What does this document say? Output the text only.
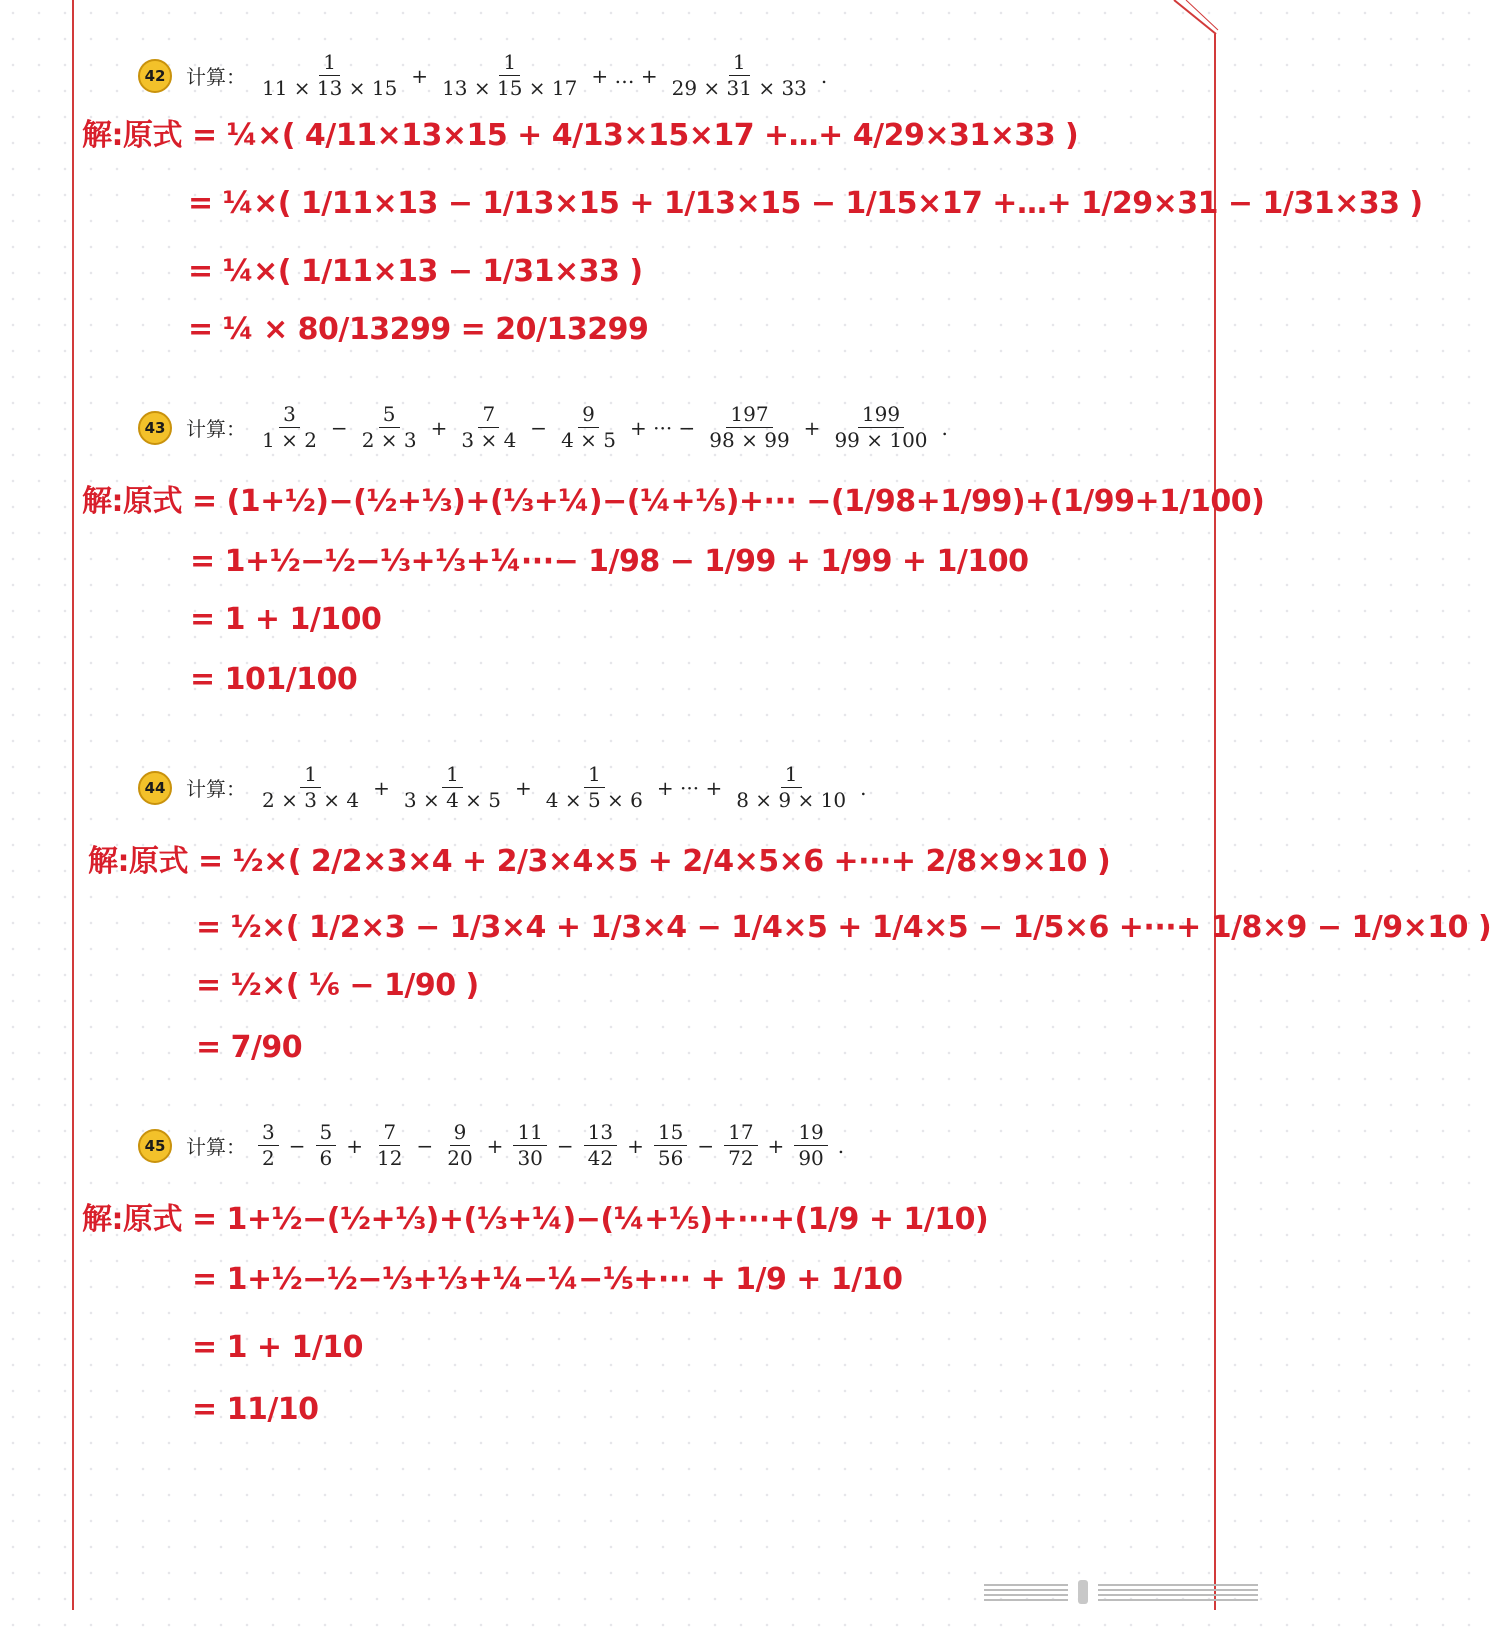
42	计算： $\frac{1}{11 \times 13 \times 15} + \frac{1}{13 \times 15 \times 17}$ + … + $\frac{1}{29 \times 31 \times 33}$ .
解:原式 = ¼×( 4/11×13×15 + 4/13×15×17 +…+ 4/29×31×33 )
= ¼×( 1/11×13 − 1/13×15 + 1/13×15 − 1/15×17 +…+ 1/29×31 − 1/31×33 )
= ¼×( 1/11×13 − 1/31×33 )
= ¼ × 80/13299 = 20/13299
43	计算： $\frac{3}{1 \times 2} - \frac{5}{2 \times 3} + \frac{7}{3 \times 4} - \frac{9}{4 \times 5}$ + ··· − $\frac{197}{98 \times 99} + \frac{199}{99 \times 100}$ .
解:原式 = (1+½)−(½+⅓)+(⅓+¼)−(¼+⅕)+··· −(1/98+1/99)+(1/99+1/100)
= 1+½−½−⅓+⅓+¼···− 1/98 − 1/99 + 1/99 + 1/100
= 1 + 1/100
= 101/100
44	计算： $\frac{1}{2 \times 3 \times 4} + \frac{1}{3 \times 4 \times 5} + \frac{1}{4 \times 5 \times 6}$ + ··· + $\frac{1}{8 \times 9 \times 10}$ .
解:原式 = ½×( 2/2×3×4 + 2/3×4×5 + 2/4×5×6 +···+ 2/8×9×10 )
= ½×( 1/2×3 − 1/3×4 + 1/3×4 − 1/4×5 + 1/4×5 − 1/5×6 +···+ 1/8×9 − 1/9×10 )
= ½×( ⅙ − 1/90 )
= 7/90
45	计算： $\frac{3}{2} - \frac{5}{6} + \frac{7}{12} - \frac{9}{20} + \frac{11}{30} - \frac{13}{42} + \frac{15}{56} - \frac{17}{72} + \frac{19}{90}$ .
解:原式 = 1+½−(½+⅓)+(⅓+¼)−(¼+⅕)+···+(1/9 + 1/10)
= 1+½−½−⅓+⅓+¼−¼−⅕+··· + 1/9 + 1/10
= 1 + 1/10
= 11/10
